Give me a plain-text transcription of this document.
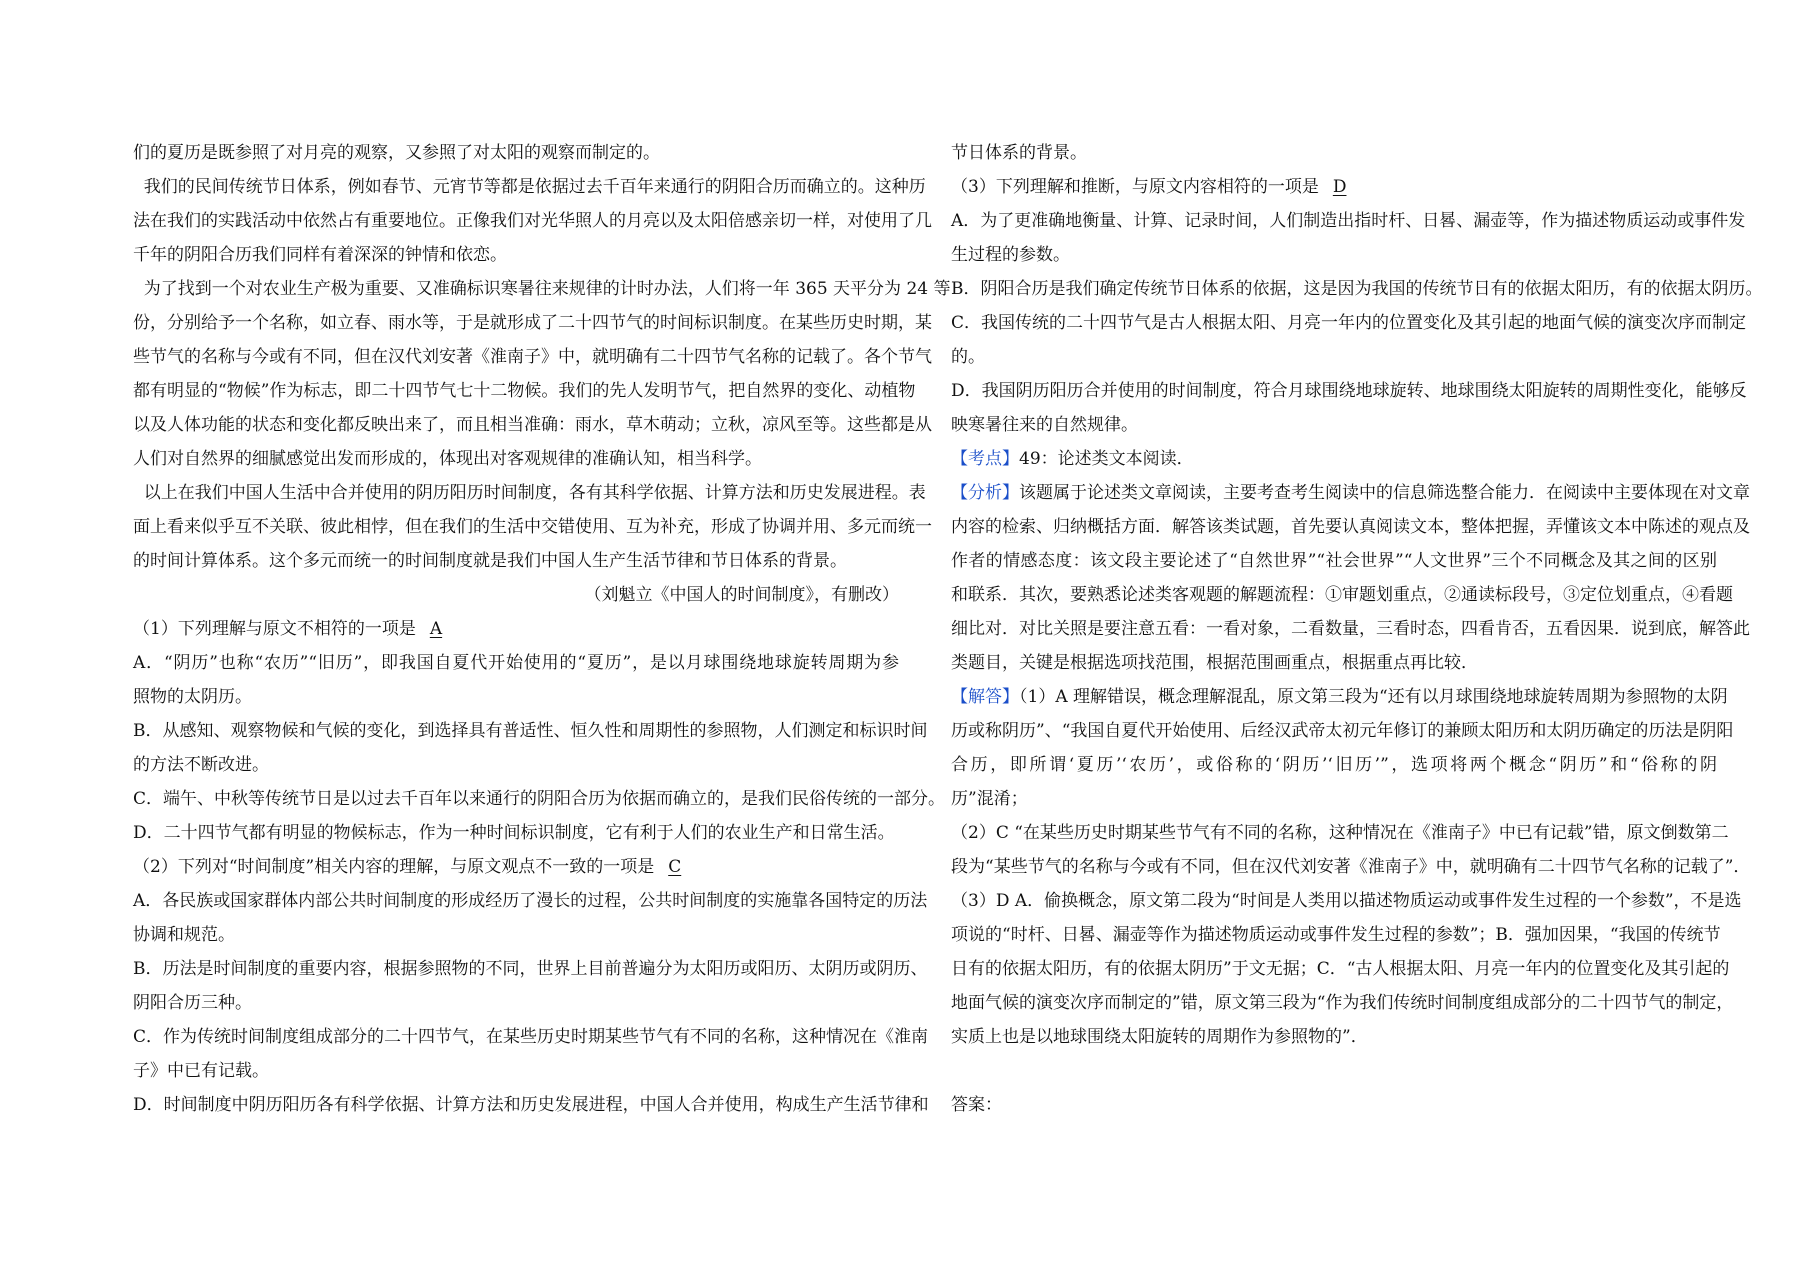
们的夏历是既参照了对月亮的观察，又参照了对太阳的观察而制定的。
我们的民间传统节日体系，例如春节、元宵节等都是依据过去千百年来通行的阴阳合历而确立的。这种历
法在我们的实践活动中依然占有重要地位。正像我们对光华照人的月亮以及太阳倍感亲切一样，对使用了几
千年的阴阳合历我们同样有着深深的钟情和依恋。
为了找到一个对农业生产极为重要、又准确标识寒暑往来规律的计时办法，人们将一年 365 天平分为 24 等
份，分别给予一个名称，如立春、雨水等，于是就形成了二十四节气的时间标识制度。在某些历史时期，某
些节气的名称与今或有不同，但在汉代刘安著《淮南子》中，就明确有二十四节气名称的记载了。各个节气
都有明显的“物候”作为标志，即二十四节气七十二物候。我们的先人发明节气，把自然界的变化、动植物
以及人体功能的状态和变化都反映出来了，而且相当准确：雨水，草木萌动；立秋，凉风至等。这些都是从
人们对自然界的细腻感觉出发而形成的，体现出对客观规律的准确认知，相当科学。
以上在我们中国人生活中合并使用的阴历阳历时间制度，各有其科学依据、计算方法和历史发展进程。表
面上看来似乎互不关联、彼此相悖，但在我们的生活中交错使用、互为补充，形成了协调并用、多元而统一
的时间计算体系。这个多元而统一的时间制度就是我们中国人生产生活节律和节日体系的背景。
（刘魁立《中国人的时间制度》，有删改）
（1）下列理解与原文不相符的一项是 A
A．“阴历”也称“农历”“旧历”，即我国自夏代开始使用的“夏历”，是以月球围绕地球旋转周期为参
照物的太阴历。
B．从感知、观察物候和气候的变化，到选择具有普适性、恒久性和周期性的参照物，人们测定和标识时间
的方法不断改进。
C．端午、中秋等传统节日是以过去千百年以来通行的阴阳合历为依据而确立的，是我们民俗传统的一部分。
D．二十四节气都有明显的物候标志，作为一种时间标识制度，它有利于人们的农业生产和日常生活。
（2）下列对“时间制度”相关内容的理解，与原文观点不一致的一项是 C
A．各民族或国家群体内部公共时间制度的形成经历了漫长的过程，公共时间制度的实施靠各国特定的历法
协调和规范。
B．历法是时间制度的重要内容，根据参照物的不同，世界上目前普遍分为太阳历或阳历、太阴历或阴历、
阴阳合历三种。
C．作为传统时间制度组成部分的二十四节气，在某些历史时期某些节气有不同的名称，这种情况在《淮南
子》中已有记载。
D．时间制度中阴历阳历各有科学依据、计算方法和历史发展进程，中国人合并使用，构成生产生活节律和
节日体系的背景。
（3）下列理解和推断，与原文内容相符的一项是 D
A．为了更准确地衡量、计算、记录时间，人们制造出指时杆、日晷、漏壶等，作为描述物质运动或事件发
生过程的参数。
B．阴阳合历是我们确定传统节日体系的依据，这是因为我国的传统节日有的依据太阳历，有的依据太阴历。
C．我国传统的二十四节气是古人根据太阳、月亮一年内的位置变化及其引起的地面气候的演变次序而制定
的。
D．我国阴历阳历合并使用的时间制度，符合月球围绕地球旋转、地球围绕太阳旋转的周期性变化，能够反
映寒暑往来的自然规律。
【考点】49：论述类文本阅读．
【分析】该题属于论述类文章阅读，主要考查考生阅读中的信息筛选整合能力．在阅读中主要体现在对文章
内容的检索、归纳概括方面．解答该类试题，首先要认真阅读文本，整体把握，弄懂该文本中陈述的观点及
作者的情感态度：该文段主要论述了“自然世界”“社会世界”“人文世界”三个不同概念及其之间的区别
和联系．其次，要熟悉论述类客观题的解题流程：①审题划重点，②通读标段号，③定位划重点，④看题
细比对．对比关照是要注意五看：一看对象，二看数量，三看时态，四看肯否，五看因果．说到底，解答此
类题目，关键是根据选项找范围，根据范围画重点，根据重点再比较．
【解答】（1）A 理解错误，概念理解混乱，原文第三段为“还有以月球围绕地球旋转周期为参照物的太阴
历或称阴历”、“我国自夏代开始使用、后经汉武帝太初元年修订的兼顾太阳历和太阴历确定的历法是阴阳
合历，即所谓‘夏历’‘农历’，或俗称的‘阴历’‘旧历’”，选项将两个概念“阴历”和“俗称的阴
历”混淆；
（2）C “在某些历史时期某些节气有不同的名称，这种情况在《淮南子》中已有记载”错，原文倒数第二
段为“某些节气的名称与今或有不同，但在汉代刘安著《淮南子》中，就明确有二十四节气名称的记载了”．
（3）D A．偷换概念，原文第二段为“时间是人类用以描述物质运动或事件发生过程的一个参数”，不是选
项说的“时杆、日晷、漏壶等作为描述物质运动或事件发生过程的参数”；B．强加因果，“我国的传统节
日有的依据太阳历，有的依据太阴历”于文无据；C．“古人根据太阳、月亮一年内的位置变化及其引起的
地面气候的演变次序而制定的”错，原文第三段为“作为我们传统时间制度组成部分的二十四节气的制定，
实质上也是以地球围绕太阳旋转的周期作为参照物的”．
答案：
